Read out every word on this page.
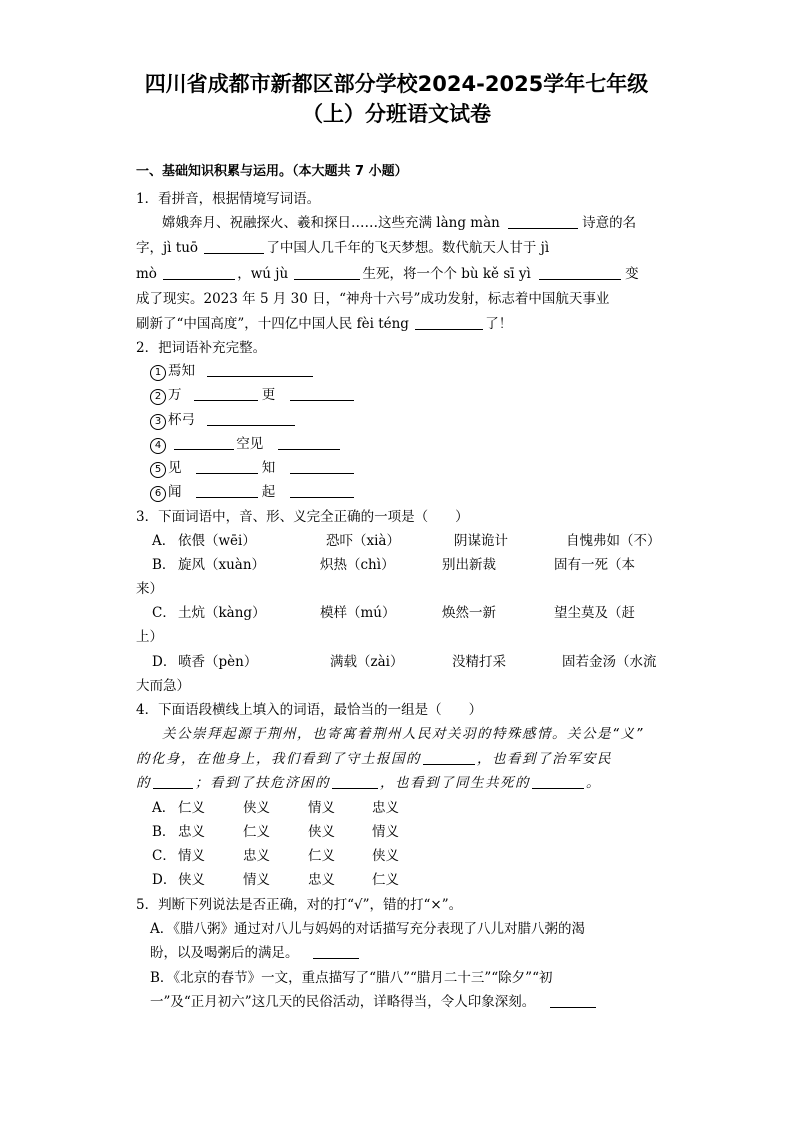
四川省成都市新都区部分学校2024-2025学年七年级
（上）分班语文试卷
一、基础知识积累与运用。（本大题共 7 小题）
1．看拼音，根据情境写词语。
嫦娥奔月、祝融探火、羲和探日……这些充满 làng màn	诗意的名
字，jì tuō	了中国人几千年的飞天梦想。数代航天人甘于 jì
mò	，wú jù	生死，将一个个 bù kě sī yì	变
成了现实。2023 年 5 月 30 日，“神舟十六号”成功发射，标志着中国航天事业
刷新了“中国高度”，十四亿中国人民 fèi téng	了！
2．把词语补充完整。
1 焉知
2 万	更
3 杯弓
4	空见
5 见	知
6 闻	起
3．下面词语中，音、形、义完全正确的一项是（　　）
A． 依偎（wēi）	恐吓（xià）	阴谋诡计	自愧弗如（不）
B． 旋风（xuàn）	炽热（chì）	别出新裁	固有一死（本
来）
C． 土炕（kàng）	模样（mú）	焕然一新	望尘莫及（赶
上）
D． 喷香（pèn）	满载（zài）	没精打采	固若金汤（水流
大而急）
4．下面语段横线上填入的词语，最恰当的一组是（　　）
关公崇拜起源于荆州，也寄寓着荆州人民对关羽的特殊感情。关公是“义”
的化身，在他身上，我们看到了守土报国的	，也看到了治军安民
的	；看到了扶危济困的	，也看到了同生共死的	。
A． 仁义	侠义	情义	忠义
B． 忠义	仁义	侠义	情义
C． 情义	忠义	仁义	侠义
D． 侠义	情义	忠义	仁义
5．判断下列说法是否正确，对的打“√”，错的打“×”。
A．《腊八粥》通过对八儿与妈妈的对话描写充分表现了八儿对腊八粥的渴
盼，以及喝粥后的满足。
B．《北京的春节》一文，重点描写了“腊八”“腊月二十三”“除夕”“初
一”及“正月初六”这几天的民俗活动，详略得当，令人印象深刻。
